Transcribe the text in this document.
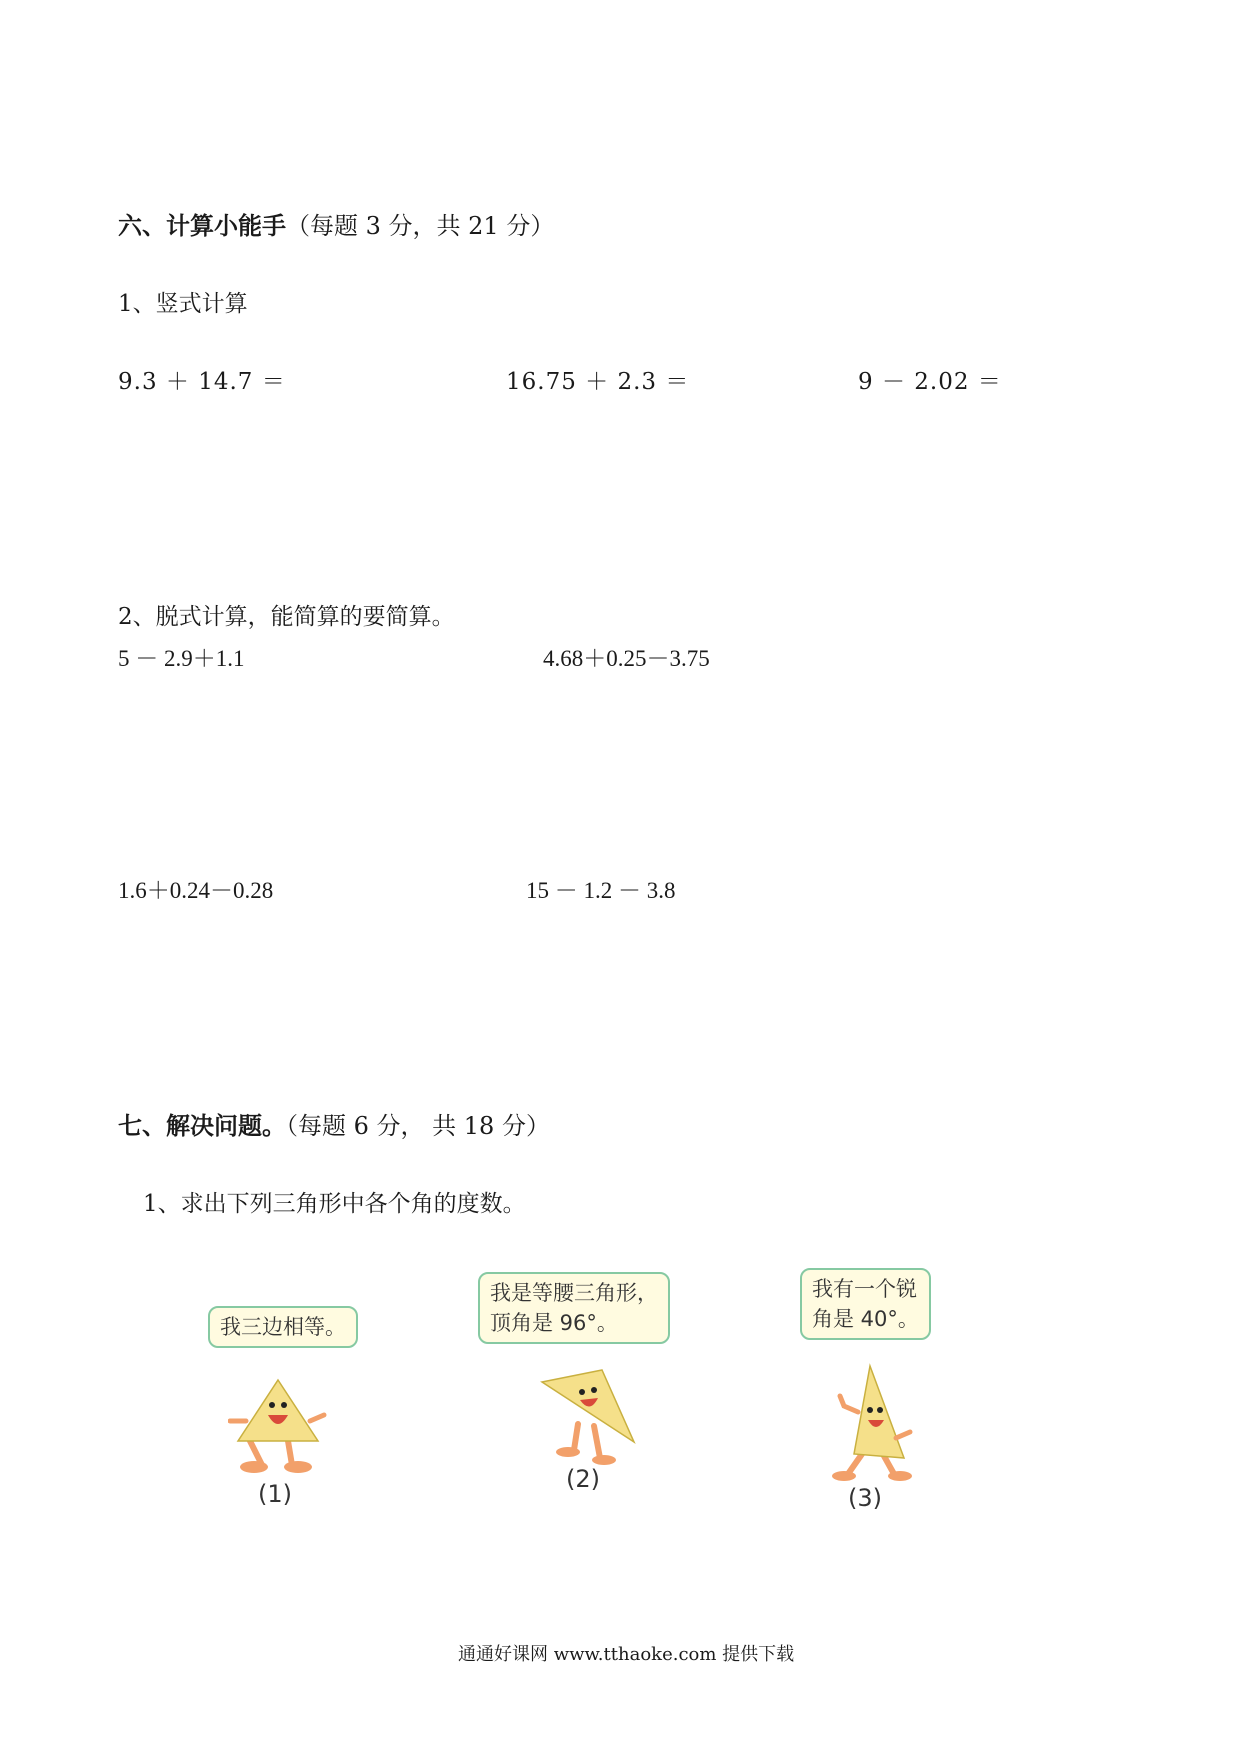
六、计算小能手（每题 3 分，共 21 分）
1、竖式计算
9.3 ＋ 14.7 ＝	16.75 ＋ 2.3 ＝	9 － 2.02 ＝
2、脱式计算，能简算的要简算。
5 － 2.9＋1.1	4.68＋0.25－3.75
1.6＋0.24－0.28	15 － 1.2 － 3.8
七、解决问题。（每题 6 分， 共 18 分）
1、求出下列三角形中各个角的度数。
我三边相等。
(1)
我是等腰三角形，
顶角是 96°。
(2)
我有一个锐
角是 40°。
(3)
通通好课网 www.tthaoke.com 提供下载
